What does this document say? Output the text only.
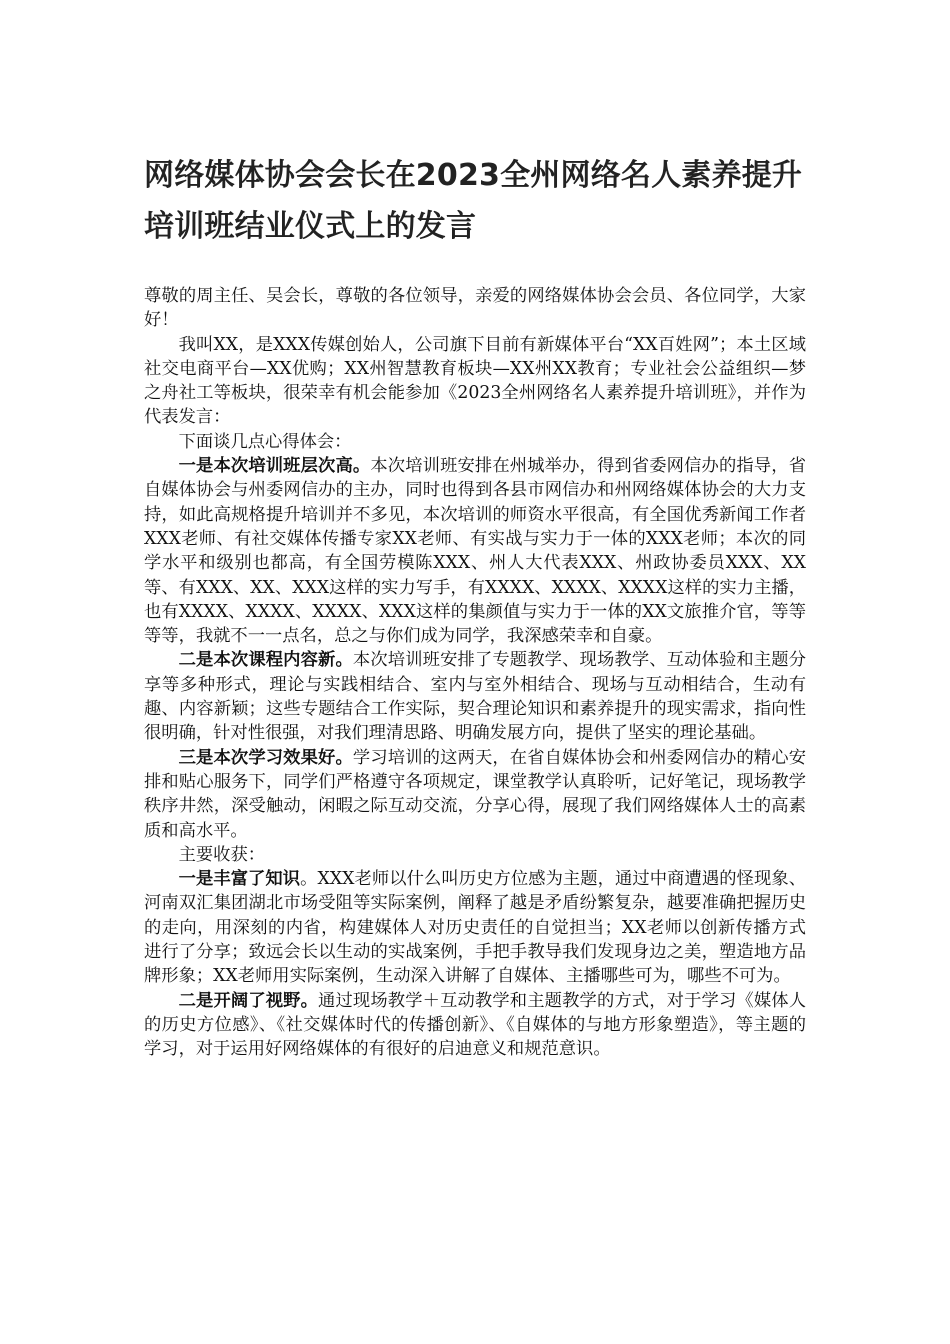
网络媒体协会会长在2023全州网络名人素养提升培训班结业仪式上的发言

尊敬的周主任、吴会长，尊敬的各位领导，亲爱的网络媒体协会会员、各位同学，大家好！

我叫XX，是XXX传媒创始人，公司旗下目前有新媒体平台“XX百姓网”；本土区域社交电商平台—XX优购；XX州智慧教育板块—XX州XX教育；专业社会公益组织—梦之舟社工等板块，很荣幸有机会能参加《2023全州网络名人素养提升培训班》，并作为代表发言：

下面谈几点心得体会：

一是本次培训班层次高。本次培训班安排在州城举办，得到省委网信办的指导，省自媒体协会与州委网信办的主办，同时也得到各县市网信办和州网络媒体协会的大力支持，如此高规格提升培训并不多见，本次培训的师资水平很高，有全国优秀新闻工作者XXX老师、有社交媒体传播专家XX老师、有实战与实力于一体的XXX老师；本次的同学水平和级别也都高，有全国劳模陈XXX、州人大代表XXX、州政协委员XXX、XX等、有XXX、XX、XXX这样的实力写手，有XXXX、XXXX、XXXX这样的实力主播，也有XXXX、XXXX、XXXX、XXX这样的集颜值与实力于一体的XX文旅推介官，等等等等，我就不一一点名，总之与你们成为同学，我深感荣幸和自豪。

二是本次课程内容新。本次培训班安排了专题教学、现场教学、互动体验和主题分享等多种形式，理论与实践相结合、室内与室外相结合、现场与互动相结合，生动有趣、内容新颖；这些专题结合工作实际，契合理论知识和素养提升的现实需求，指向性很明确，针对性很强，对我们理清思路、明确发展方向，提供了坚实的理论基础。

三是本次学习效果好。学习培训的这两天，在省自媒体协会和州委网信办的精心安排和贴心服务下，同学们严格遵守各项规定，课堂教学认真聆听，记好笔记，现场教学秩序井然，深受触动，闲暇之际互动交流，分享心得，展现了我们网络媒体人士的高素质和高水平。

主要收获：

一是丰富了知识。XXX老师以什么叫历史方位感为主题，通过中商遭遇的怪现象、河南双汇集团湖北市场受阻等实际案例，阐释了越是矛盾纷繁复杂，越要准确把握历史的走向，用深刻的内省，构建媒体人对历史责任的自觉担当；XX老师以创新传播方式进行了分享；致远会长以生动的实战案例，手把手教导我们发现身边之美，塑造地方品牌形象；XX老师用实际案例，生动深入讲解了自媒体、主播哪些可为，哪些不可为。

二是开阔了视野。通过现场教学＋互动教学和主题教学的方式，对于学习《媒体人的历史方位感》、《社交媒体时代的传播创新》、《自媒体的与地方形象塑造》，等主题的学习，对于运用好网络媒体的有很好的启迪意义和规范意识。
